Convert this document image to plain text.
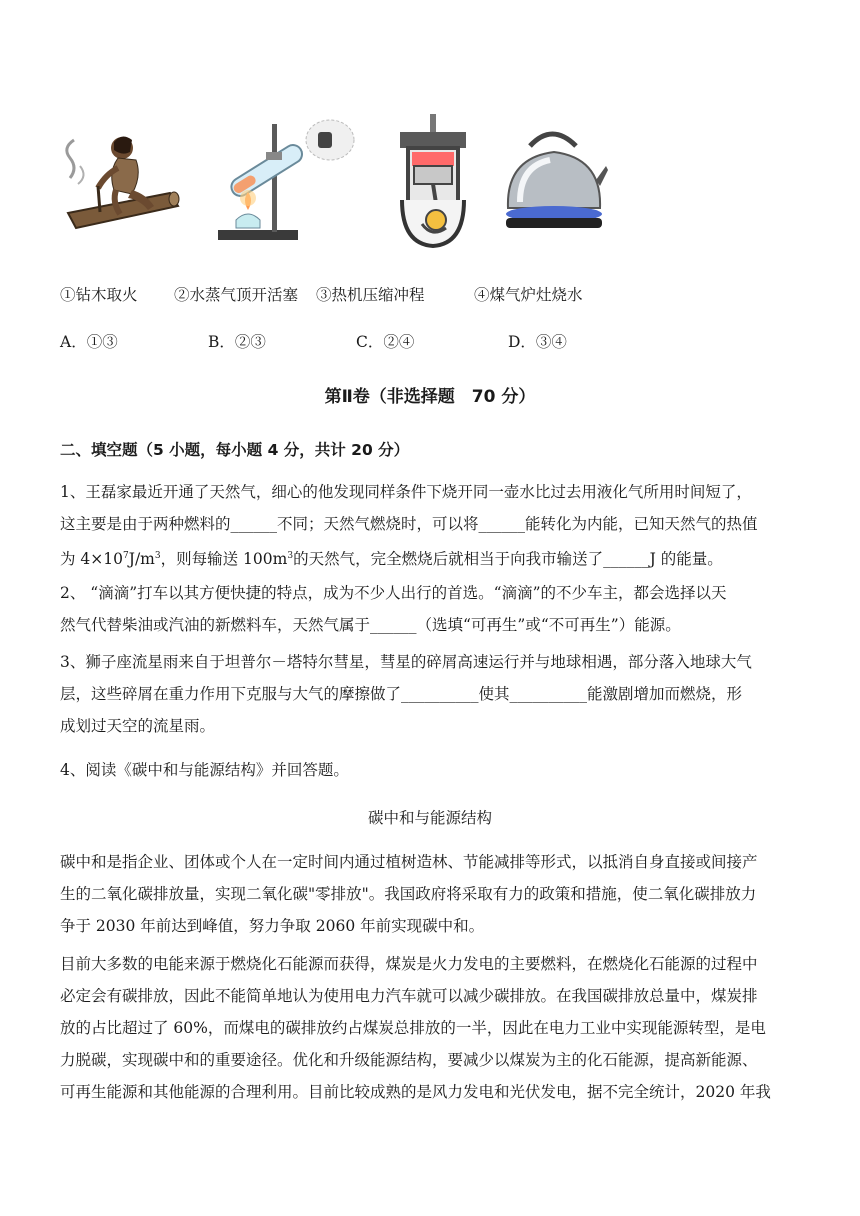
①钻木取火 ②水蒸气顶开活塞 ③热机压缩冲程	④煤气炉灶烧水
A．①③	B．②③	C．②④	D．③④
第Ⅱ卷（非选择题　70 分）
二、填空题（5 小题，每小题 4 分，共计 20 分）
1、王磊家最近开通了天然气，细心的他发现同样条件下烧开同一壶水比过去用液化气所用时间短了，
这主要是由于两种燃料的______不同；天然气燃烧时，可以将______能转化为内能，已知天然气的热值
为 $4\times 10^7J/m^3$，则每输送 $100m^3$的天然气，完全燃烧后就相当于向我市输送了______J 的能量。
2、 “滴滴”打车以其方便快捷的特点，成为不少人出行的首选。“滴滴”的不少车主，都会选择以天
然气代替柴油或汽油的新燃料车，天然气属于______（选填“可再生”或“不可再生”）能源。
3、狮子座流星雨来自于坦普尔－塔特尔彗星，彗星的碎屑高速运行并与地球相遇，部分落入地球大气
层，这些碎屑在重力作用下克服与大气的摩擦做了__________使其__________能激剧增加而燃烧，形
成划过天空的流星雨。
4、阅读《碳中和与能源结构》并回答题。
碳中和与能源结构
碳中和是指企业、团体或个人在一定时间内通过植树造林、节能减排等形式，以抵消自身直接或间接产
生的二氧化碳排放量，实现二氧化碳"零排放"。我国政府将采取有力的政策和措施，使二氧化碳排放力
争于 2030 年前达到峰值，努力争取 2060 年前实现碳中和。
目前大多数的电能来源于燃烧化石能源而获得，煤炭是火力发电的主要燃料，在燃烧化石能源的过程中
必定会有碳排放，因此不能简单地认为使用电力汽车就可以减少碳排放。在我国碳排放总量中，煤炭排
放的占比超过了 60%，而煤电的碳排放约占煤炭总排放的一半，因此在电力工业中实现能源转型，是电
力脱碳，实现碳中和的重要途径。优化和升级能源结构，要减少以煤炭为主的化石能源，提高新能源、
可再生能源和其他能源的合理利用。目前比较成熟的是风力发电和光伏发电，据不完全统计，2020 年我
